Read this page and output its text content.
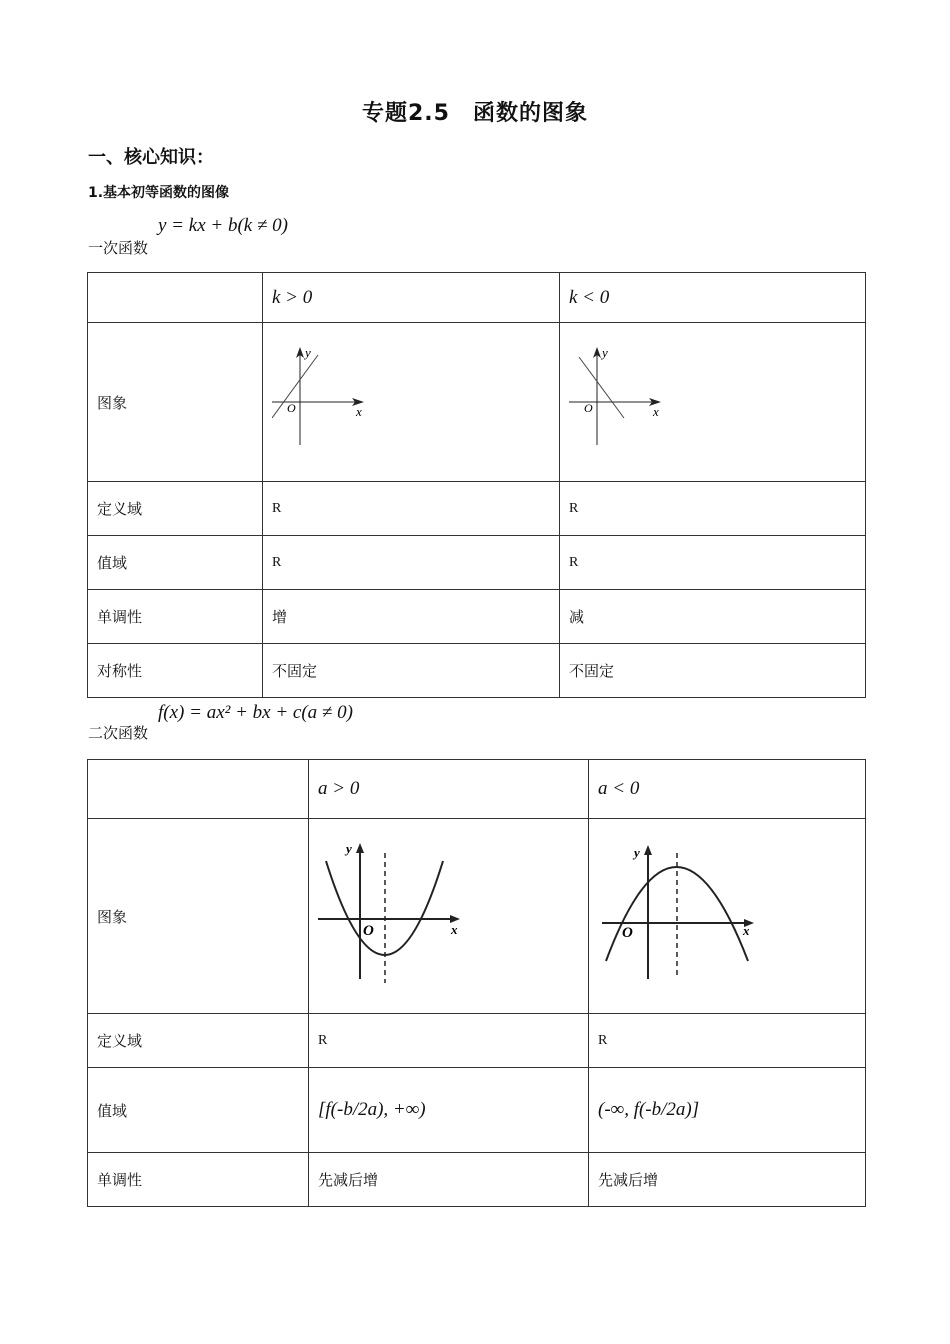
专题2.5　函数的图象
一、核心知识：
1.基本初等函数的图像
y = kx + b(k ≠ 0)
一次函数
	k > 0	k < 0
图象	y
x
O	y
x
O

定义域	R	R
值域	R	R
单调性	增	减
对称性	不固定	不固定
f(x) = ax² + bx + c(a ≠ 0)
二次函数
	a > 0	a < 0
图象	y
x
O	y
x
O

定义域	R	R
值域	[f(-b/2a), +∞)	(-∞, f(-b/2a)]
单调性	先减后增	先减后增
